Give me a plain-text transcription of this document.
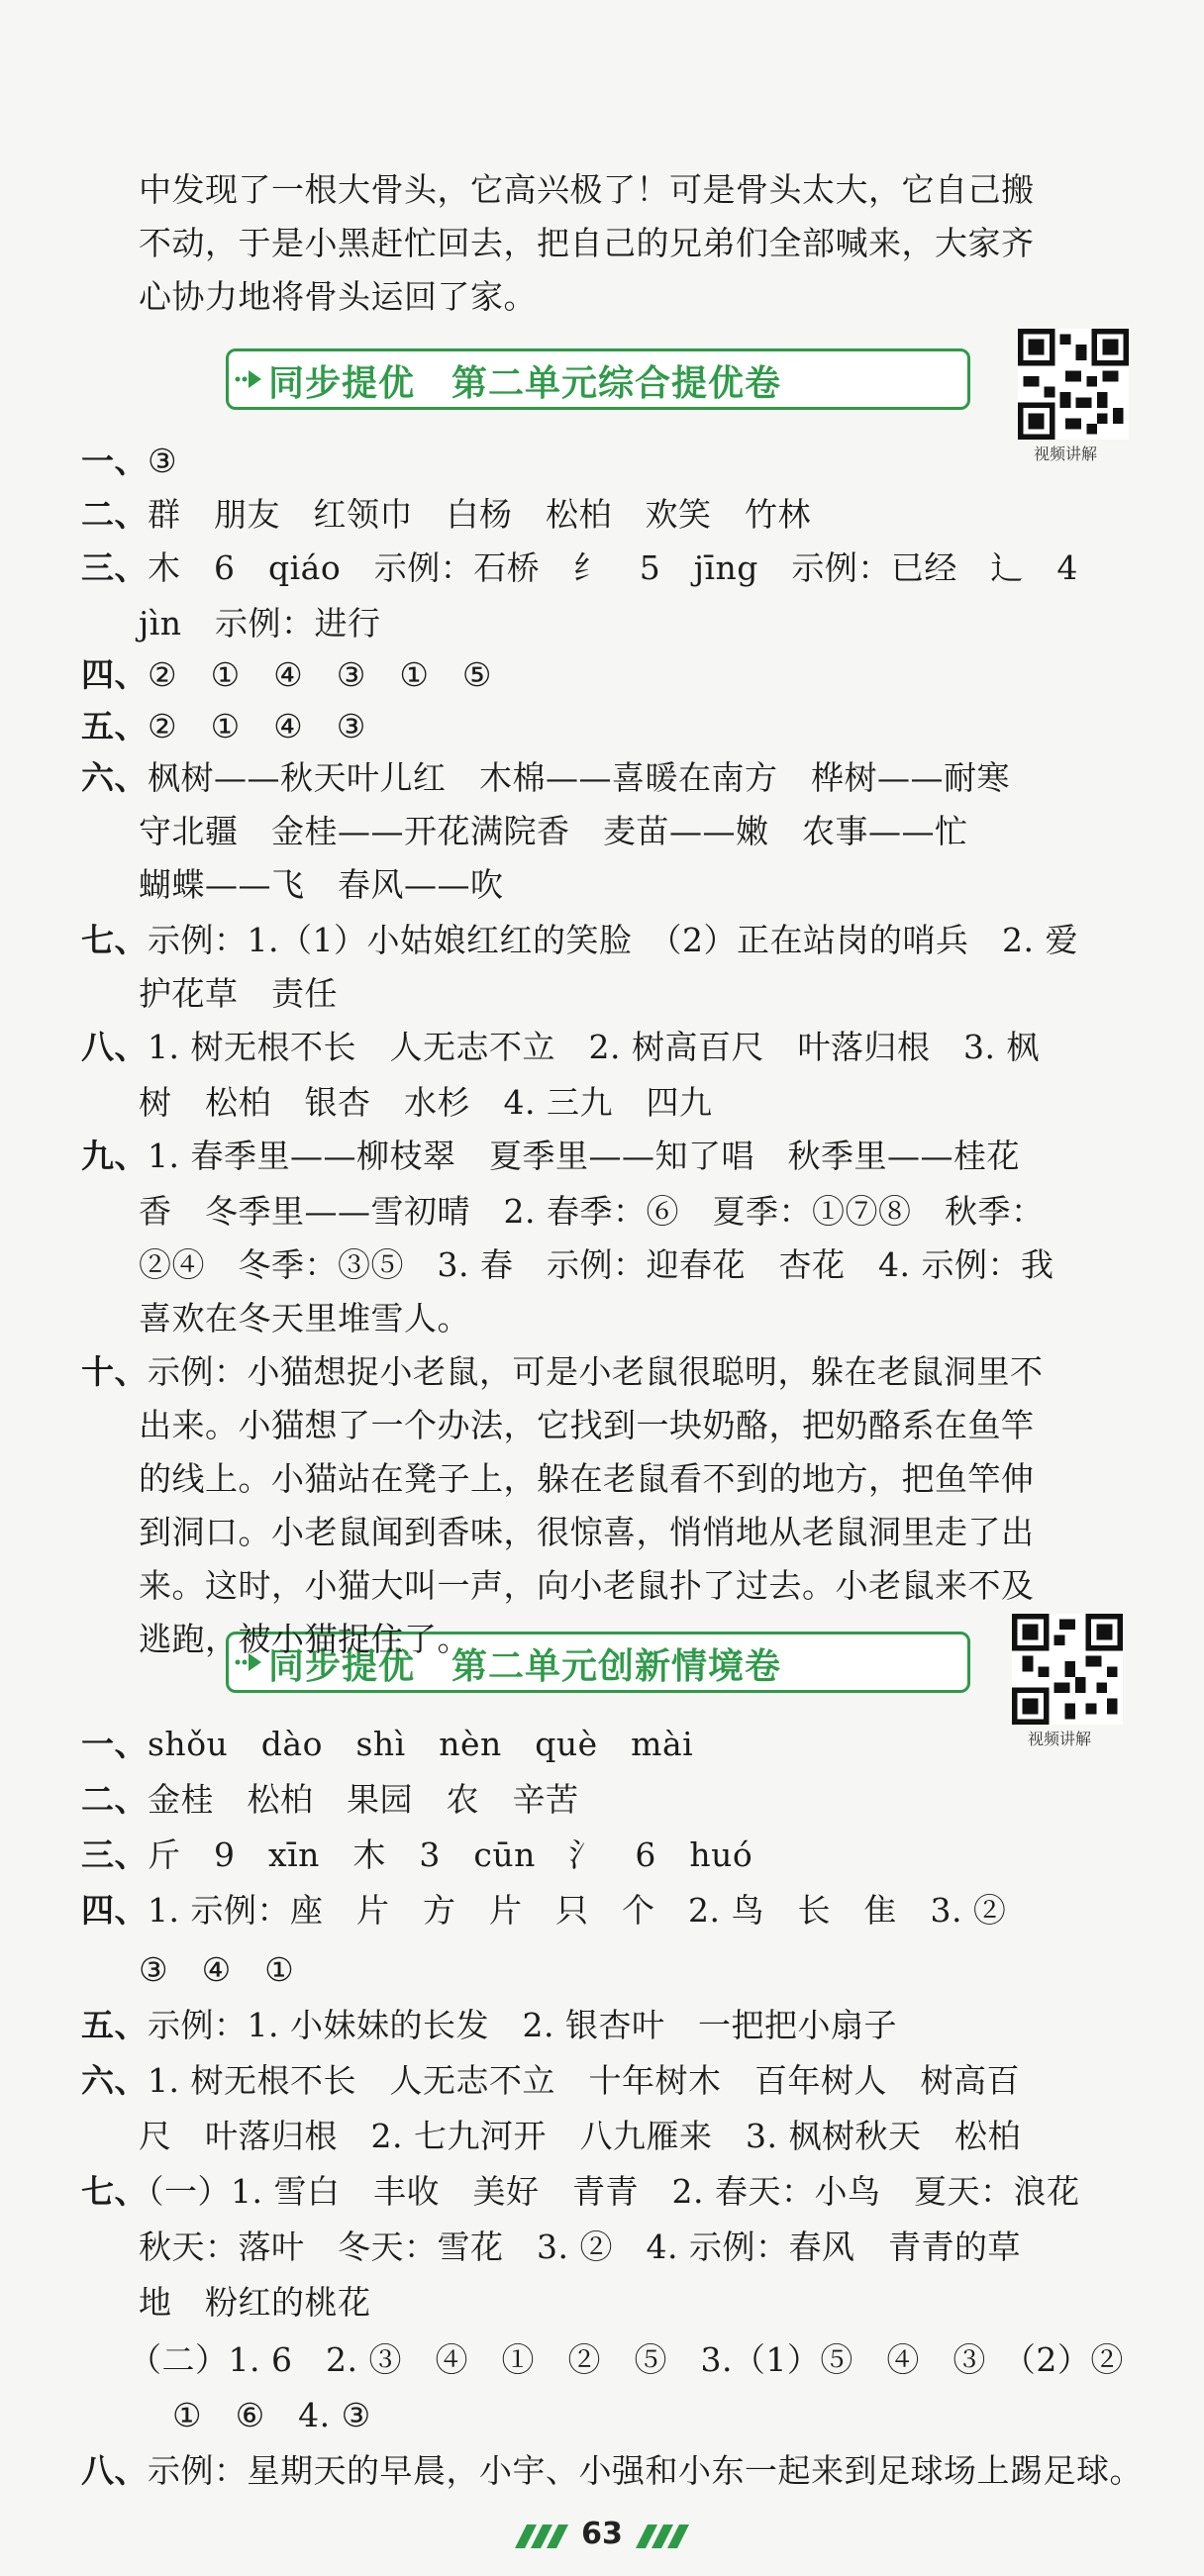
中发现了一根大骨头，它高兴极了！可是骨头太大，它自己搬
不动，于是小黑赶忙回去，把自己的兄弟们全部喊来，大家齐
心协力地将骨头运回了家。
同步提优　第二单元综合提优卷
视频讲解
同步提优　第二单元创新情境卷
视频讲解
63
一、③
二、群　朋友　红领巾　白杨　松柏　欢笑　竹林
三、木　6　qiáo　示例：石桥　纟　5　jīng　示例：已经　辶　4
jìn　示例：进行
四、②　①　④　③　①　⑤
五、②　①　④　③
六、枫树——秋天叶儿红　木棉——喜暖在南方　桦树——耐寒
守北疆　金桂——开花满院香　麦苗——嫩　农事——忙
蝴蝶——飞　春风——吹
七、示例：1.（1）小姑娘红红的笑脸　（2）正在站岗的哨兵　2. 爱
护花草　责任
八、1. 树无根不长　人无志不立　2. 树高百尺　叶落归根　3. 枫
树　松柏　银杏　水杉　4. 三九　四九
九、1. 春季里——柳枝翠　夏季里——知了唱　秋季里——桂花
香　冬季里——雪初晴　2. 春季：⑥　夏季：①⑦⑧　秋季：
②④　冬季：③⑤　3. 春　示例：迎春花　杏花　4. 示例：我
喜欢在冬天里堆雪人。
十、示例：小猫想捉小老鼠，可是小老鼠很聪明，躲在老鼠洞里不
出来。小猫想了一个办法，它找到一块奶酪，把奶酪系在鱼竿
的线上。小猫站在凳子上，躲在老鼠看不到的地方，把鱼竿伸
到洞口。小老鼠闻到香味，很惊喜，悄悄地从老鼠洞里走了出
来。这时，小猫大叫一声，向小老鼠扑了过去。小老鼠来不及
逃跑，被小猫捉住了。
一、shǒu　dào　shì　nèn　què　mài
二、金桂　松柏　果园　农　辛苦
三、斤　9　xīn　木　3　cūn　氵　6　huó
四、1. 示例：座　片　方　片　只　个　2. 鸟　长　隹　3. ②
③　④　①
五、示例：1. 小妹妹的长发　2. 银杏叶　一把把小扇子
六、1. 树无根不长　人无志不立　十年树木　百年树人　树高百
尺　叶落归根　2. 七九河开　八九雁来　3. 枫树秋天　松柏
七、（一）1. 雪白　丰收　美好　青青　2. 春天：小鸟　夏天：浪花
秋天：落叶　冬天：雪花　3. ②　4. 示例：春风　青青的草
地　粉红的桃花
（二）1. 6　2. ③　④　①　②　⑤　3.（1）⑤　④　③　（2）②
①　⑥　4. ③
八、示例：星期天的早晨，小宇、小强和小东一起来到足球场上踢足球。
